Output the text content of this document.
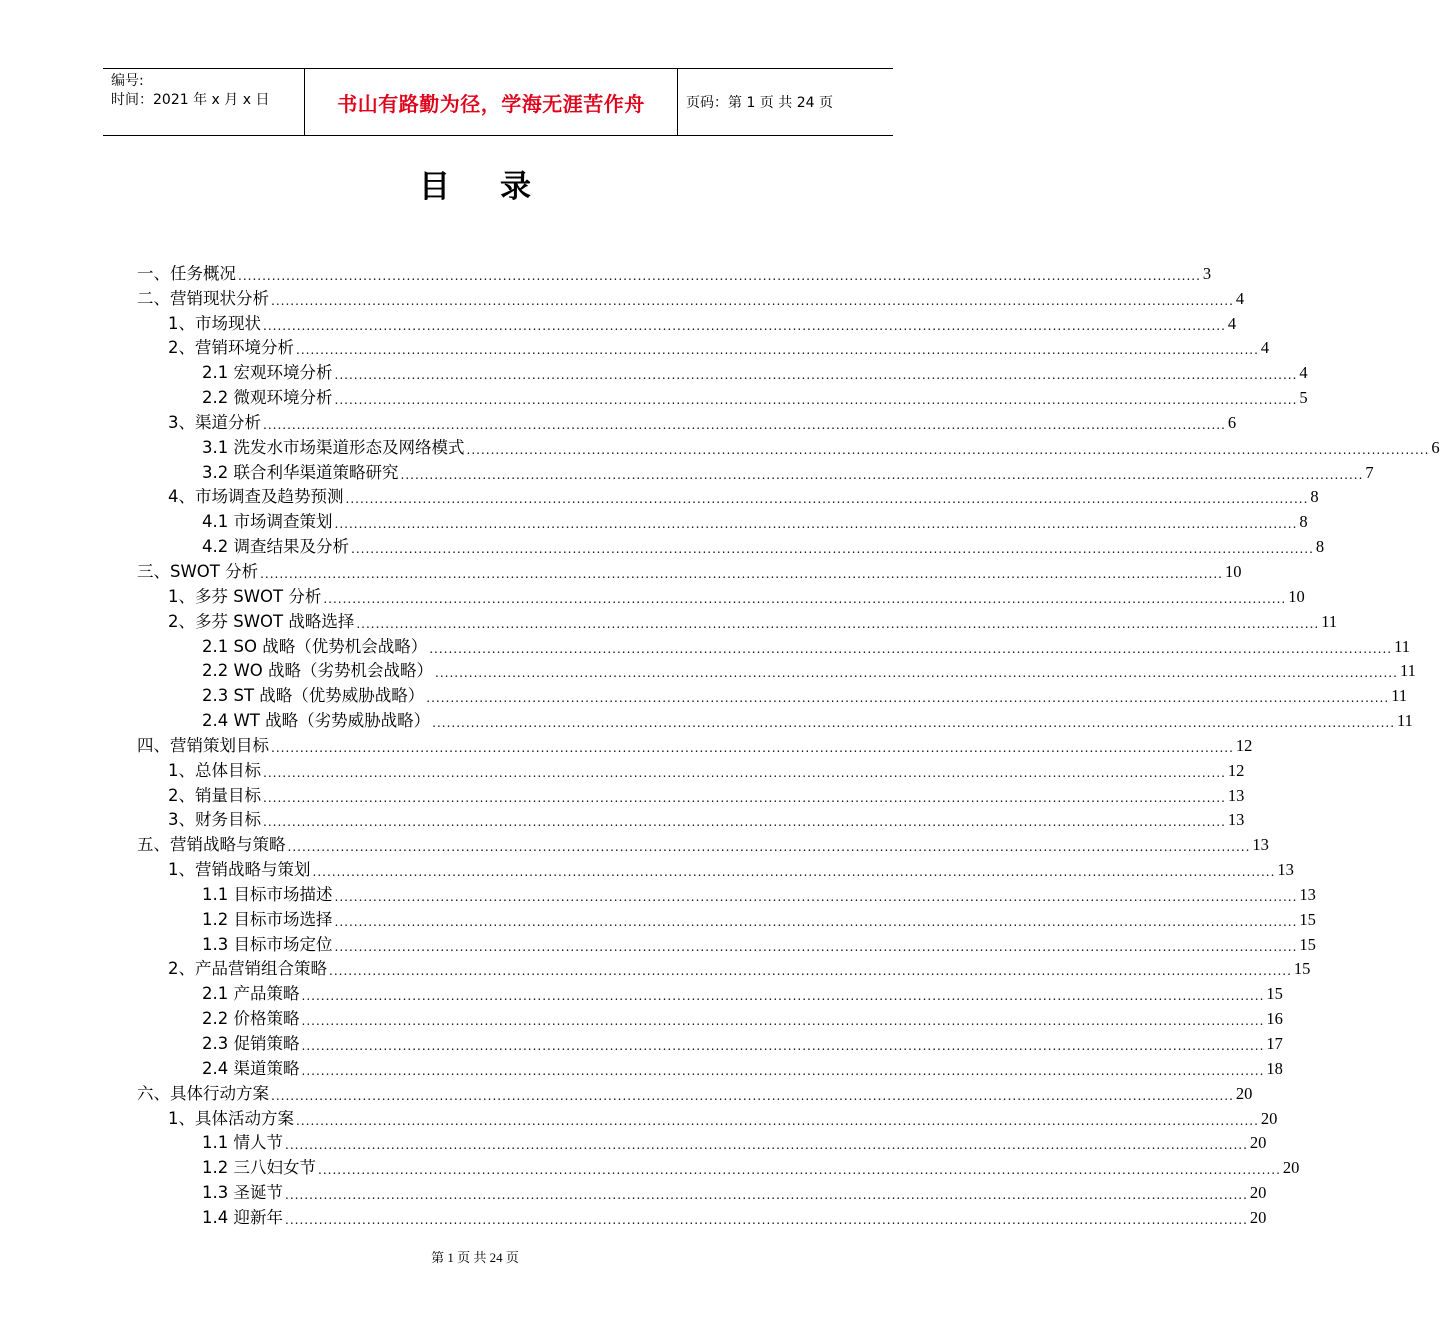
编号:
时间：2021 年 x 月 x 日	书山有路勤为径，学海无涯苦作舟	页码：第 1 页 共 24 页
目 录
一、任务概况 ........................................................................................................................................................................................................ 3
二、营销现状分析 ........................................................................................................................................................................................................ 4
1、市场现状 ........................................................................................................................................................................................................ 4
2、营销环境分析 ........................................................................................................................................................................................................ 4
2.1 宏观环境分析 ........................................................................................................................................................................................................ 4
2.2 微观环境分析 ........................................................................................................................................................................................................ 5
3、渠道分析 ........................................................................................................................................................................................................ 6
3.1 洗发水市场渠道形态及网络模式 ........................................................................................................................................................................................................ 6
3.2 联合利华渠道策略研究 ........................................................................................................................................................................................................ 7
4、市场调查及趋势预测 ........................................................................................................................................................................................................ 8
4.1 市场调查策划 ........................................................................................................................................................................................................ 8
4.2 调查结果及分析 ........................................................................................................................................................................................................ 8
三、SWOT 分析 ........................................................................................................................................................................................................ 10
1、多芬 SWOT 分析 ........................................................................................................................................................................................................ 10
2、多芬 SWOT 战略选择 ........................................................................................................................................................................................................ 11
2.1 SO 战略（优势机会战略） ........................................................................................................................................................................................................ 11
2.2 WO 战略（劣势机会战略） ........................................................................................................................................................................................................ 11
2.3 ST 战略（优势威胁战略） ........................................................................................................................................................................................................ 11
2.4 WT 战略（劣势威胁战略） ........................................................................................................................................................................................................ 11
四、营销策划目标 ........................................................................................................................................................................................................ 12
1、总体目标 ........................................................................................................................................................................................................ 12
2、销量目标 ........................................................................................................................................................................................................ 13
3、财务目标 ........................................................................................................................................................................................................ 13
五、营销战略与策略 ........................................................................................................................................................................................................ 13
1、营销战略与策划 ........................................................................................................................................................................................................ 13
1.1 目标市场描述 ........................................................................................................................................................................................................ 13
1.2 目标市场选择 ........................................................................................................................................................................................................ 15
1.3 目标市场定位 ........................................................................................................................................................................................................ 15
2、产品营销组合策略 ........................................................................................................................................................................................................ 15
2.1 产品策略 ........................................................................................................................................................................................................ 15
2.2 价格策略 ........................................................................................................................................................................................................ 16
2.3 促销策略 ........................................................................................................................................................................................................ 17
2.4 渠道策略 ........................................................................................................................................................................................................ 18
六、具体行动方案 ........................................................................................................................................................................................................ 20
1、具体活动方案 ........................................................................................................................................................................................................ 20
1.1 情人节 ........................................................................................................................................................................................................ 20
1.2 三八妇女节 ........................................................................................................................................................................................................ 20
1.3 圣诞节 ........................................................................................................................................................................................................ 20
1.4 迎新年 ........................................................................................................................................................................................................ 20
第 1 页 共 24 页
